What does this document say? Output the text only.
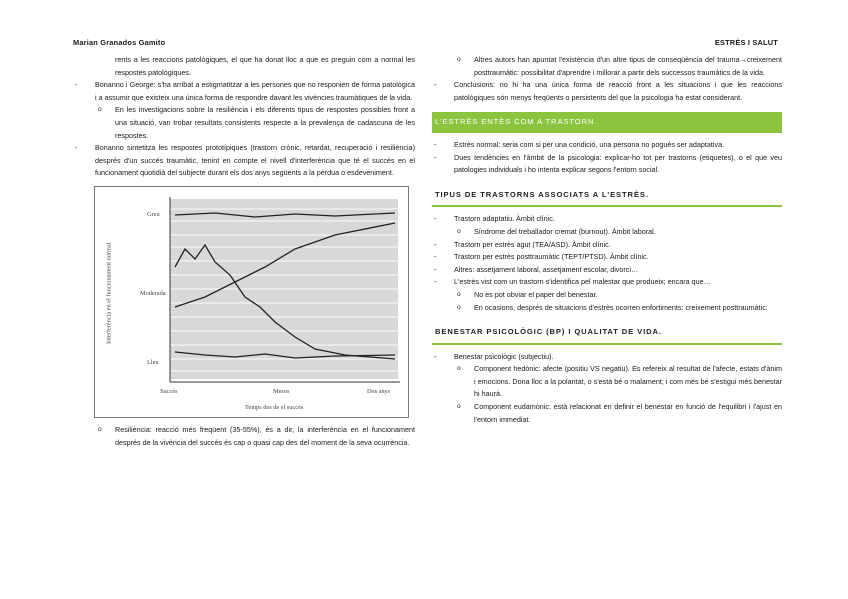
Marian Granados Gamito	ESTRÈS I SALUT
rents a les reaccions patològiques, el que ha donat lloc a que es preguin com a normal les respostes patològiques.
- Bonanno i George: s'ha arribat a estigmatitzar a les persones que no responien de forma patològica i a assumir que existeix una única forma de respondre davant les vivències traumàtiques de la vida.
o En les investigacions sobre la resiliència i els diferents tipus de respostes possibles front a una situació, van trobar resultats consistents respecte a la prevalença de cadascuna de les respostes.
- Bonanno sintetitza les respostes prototípiques (trastorn crònic, retardat, recuperació i resiliència) després d'un succés traumàtic, tenint en compte el nivell d'interferència que té el succés en el funcionament quotidià del subjecte durant els dos anys següents a la pèrdua o esdeveniment.
Interferència en el funcionament normal
Greu
Moderada
Lleu
Succés	Mesos	Dos anys
Temps des de el succés
o Resiliència: reacció més freqüent (35-55%), és a dir, la interferència en el funcionament després de la vivència del succés és cap o quasi cap des del moment de la seva ocurrència.
o Altres autors han apuntat l'existència d'un altre tipus de conseqüència del trauma→creixement posttraumàtic: possibilitat d'aprendre i millorar a partir dels successos traumàtics de la vida.
- Conclusions: no hi ha una única forma de reacció front a les situacions i que les reaccions patològiques són menys freqüents o persistents del que la psicologia ha estat considerant.
L'ESTRÈS ENTÈS COM A TRASTORN.
- Estrès normal: seria com si per una condició, una persona no pogués ser adaptativa.
- Dues tendències en l'àmbit de la psicologia: explicar-ho tot per trastorns (etiquetes), o el que veu patologies individuals i ho intenta explicar segons l'entorn social.
TIPUS DE TRASTORNS ASSOCIATS A L'ESTRÈS.
- Trastorn adaptatiu. Àmbit clínic.
o Síndrome del treballador cremat (burnout). Àmbit laboral.
- Trastorn per estrès agut (TEA/ASD). Àmbit clínic.
- Trastorn per estrès posttraumàtic (TEPT/PTSD). Àmbit clínic.
- Altres: assetjament laboral, assetjament escolar, divorci…
- L'estrès vist com un trastorn s'identifica pel malestar que produeix; encara que…
o No es pot obviar el paper del benestar.
o En ocasions, després de situacions d'estrès ocorren enfortiments: creixement posttraumàtic.
BENESTAR PSICOLÒGIC (BP) I QUALITAT DE VIDA.
- Benestar psicològic (subjectiu).
o Component hedònic: afecte (positiu VS negatiu). Es refereix al resultat de l'afecte, estats d'ànim i emocions. Dona lloc a la polaritat, o s'està bé o malament; i com més bé s'estigui més benestar hi haurà.
o Component eudamònic: està relacionat en definir el benestar en funció de l'equilibri i l'ajust en l'entorn immediat.
